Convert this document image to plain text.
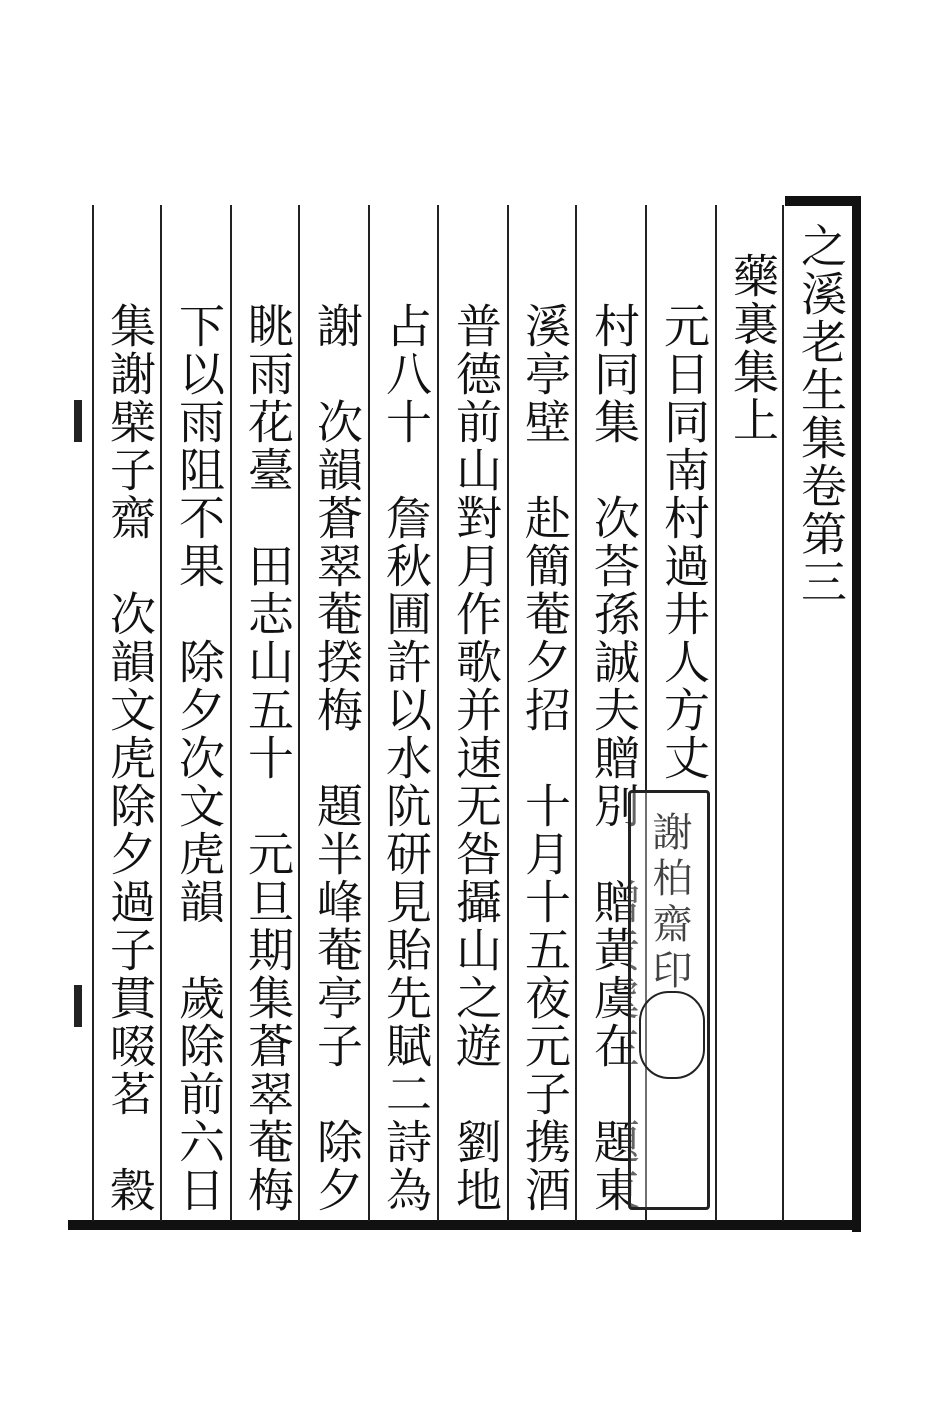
之溪老生集卷第三
藥裏集上
元日同南村過井人方丈
村同集　次荅孫誠夫贈別　贈黃虞在　題東
溪亭壁　赴簡菴夕招　十月十五夜元子携酒
普德前山對月作歌并速无咎攝山之遊　劉地
占八十　詹秋圃許以水阬研見貽先賦二詩為
謝　次韻蒼翠菴揆梅　題半峰菴亭子　除夕
眺雨花臺　田志山五十　元旦期集蒼翠菴梅
下以雨阻不果　除夕次文虎韻　歲除前六日
集謝檗子齋　次韻文虎除夕過子貫啜茗　穀	謝柏齋印
